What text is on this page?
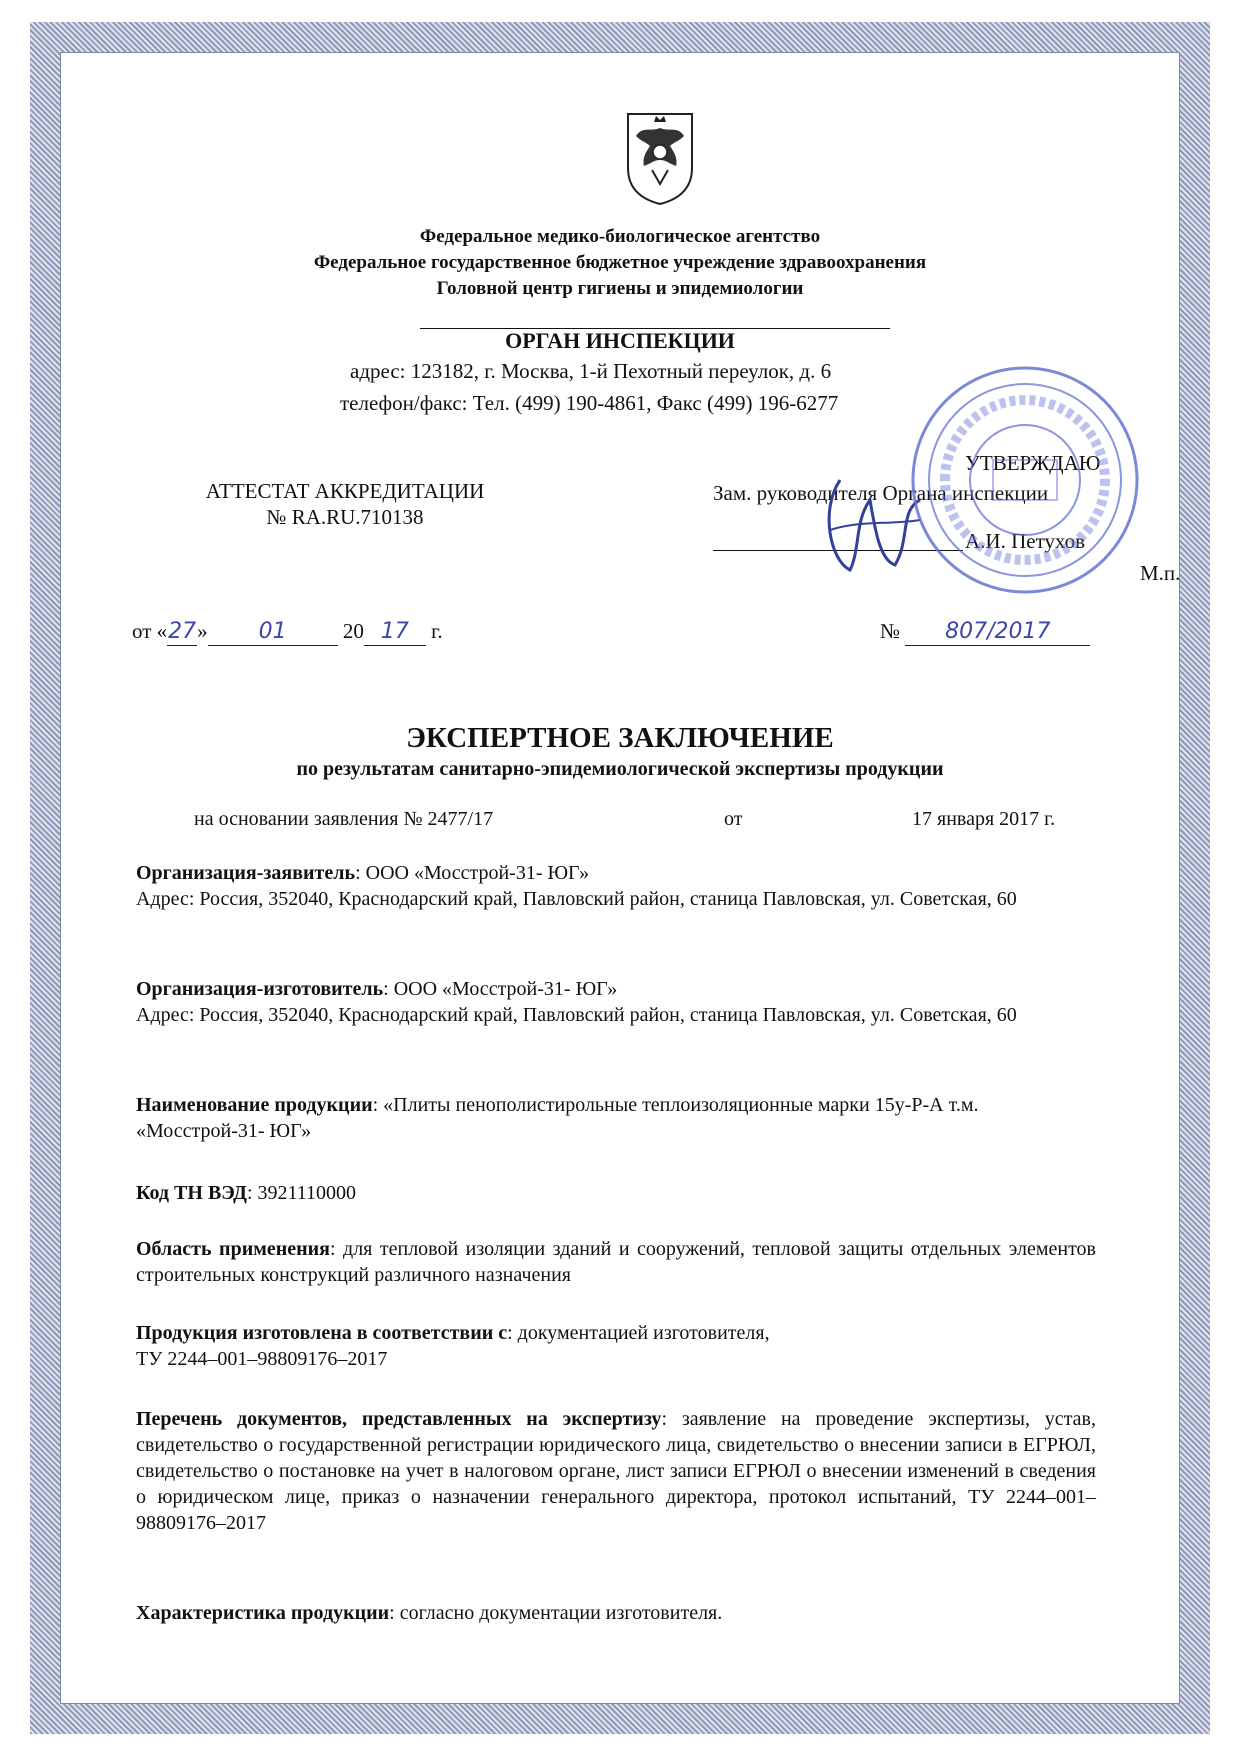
Федеральное медико-биологическое агентство
Федеральное государственное бюджетное учреждение здравоохранения
Головной центр гигиены и эпидемиологии
ОРГАН ИНСПЕКЦИИ
адрес: 123182, г. Москва, 1-й Пехотный переулок, д. 6
телефон/факс: Тел. (499) 190-4861, Факс (499) 196-6277
АТТЕСТАТ АККРЕДИТАЦИИ
№ RA.RU.710138
УТВЕРЖДАЮ
Зам. руководителя Органа инспекции
А.И. Петухов
М.п.
от «27» 01	20 17 г.	№ 807/2017
ЭКСПЕРТНОЕ ЗАКЛЮЧЕНИЕ
по результатам санитарно-эпидемиологической экспертизы продукции
на основании заявления № 2477/17	от	17 января 2017 г.
Организация-заявитель: ООО «Мосстрой-31- ЮГ»
Адрес: Россия, 352040, Краснодарский край, Павловский район, станица Павловская, ул. Советская, 60
Организация-изготовитель: ООО «Мосстрой-31- ЮГ»
Адрес: Россия, 352040, Краснодарский край, Павловский район, станица Павловская, ул. Советская, 60
Наименование продукции: «Плиты пенополистирольные теплоизоляционные марки 15у-Р-А т.м. «Мосстрой-31- ЮГ»
Код ТН ВЭД: 3921110000
Область применения: для тепловой изоляции зданий и сооружений, тепловой защиты отдельных элементов строительных конструкций различного назначения
Продукция изготовлена в соответствии с: документацией изготовителя,
ТУ 2244–001–98809176–2017
Перечень документов, представленных на экспертизу: заявление на проведение экспертизы, устав, свидетельство о государственной регистрации юридического лица, свидетельство о внесении записи в ЕГРЮЛ, свидетельство о постановке на учет в налоговом органе, лист записи ЕГРЮЛ о внесении изменений в сведения о юридическом лице, приказ о назначении генерального директора, протокол испытаний, ТУ 2244–001–98809176–2017
Характеристика продукции: согласно документации изготовителя.
